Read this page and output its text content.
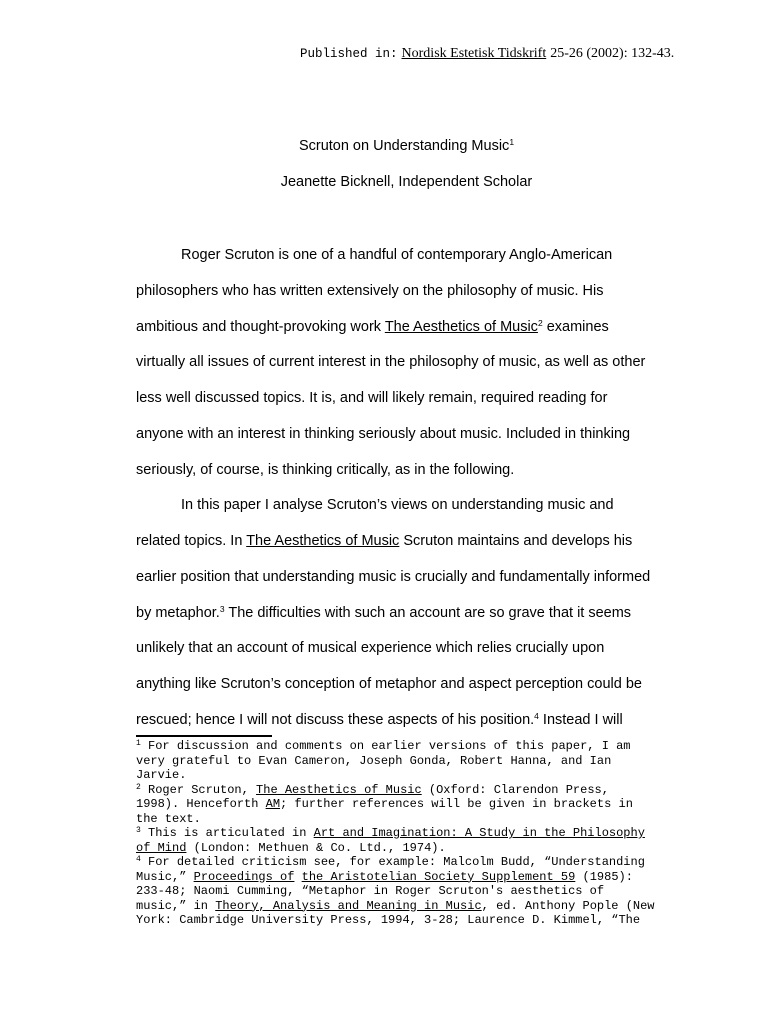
Published in: Nordisk Estetisk Tidskrift 25-26 (2002): 132-43.
Scruton on Understanding Music$^1$
Jeanette Bicknell, Independent Scholar
Roger Scruton is one of a handful of contemporary Anglo-American
philosophers who has written extensively on the philosophy of music. His
ambitious and thought-provoking work The Aesthetics of Music$^2$ examines
virtually all issues of current interest in the philosophy of music, as well as other
less well discussed topics. It is, and will likely remain, required reading for
anyone with an interest in thinking seriously about music. Included in thinking
seriously, of course, is thinking critically, as in the following.
In this paper I analyse Scruton’s views on understanding music and
related topics. In The Aesthetics of Music Scruton maintains and develops his
earlier position that understanding music is crucially and fundamentally informed
by metaphor.$^3$ The difficulties with such an account are so grave that it seems
unlikely that an account of musical experience which relies crucially upon
anything like Scruton’s conception of metaphor and aspect perception could be
rescued; hence I will not discuss these aspects of his position.$^4$ Instead I will
$^1$ For discussion and comments on earlier versions of this paper, I am
very grateful to Evan Cameron, Joseph Gonda, Robert Hanna, and Ian
Jarvie.
$^2$ Roger Scruton, The Aesthetics of Music (Oxford: Clarendon Press,
1998). Henceforth AM; further references will be given in brackets in
the text.
$^3$ This is articulated in Art and Imagination: A Study in the Philosophy
of Mind (London: Methuen & Co. Ltd., 1974).
$^4$ For detailed criticism see, for example: Malcolm Budd, “Understanding
Music,” Proceedings of the Aristotelian Society Supplement 59 (1985):
233-48; Naomi Cumming, “Metaphor in Roger Scruton's aesthetics of
music,” in Theory, Analysis and Meaning in Music, ed. Anthony Pople (New
York: Cambridge University Press, 1994, 3-28; Laurence D. Kimmel, “The
